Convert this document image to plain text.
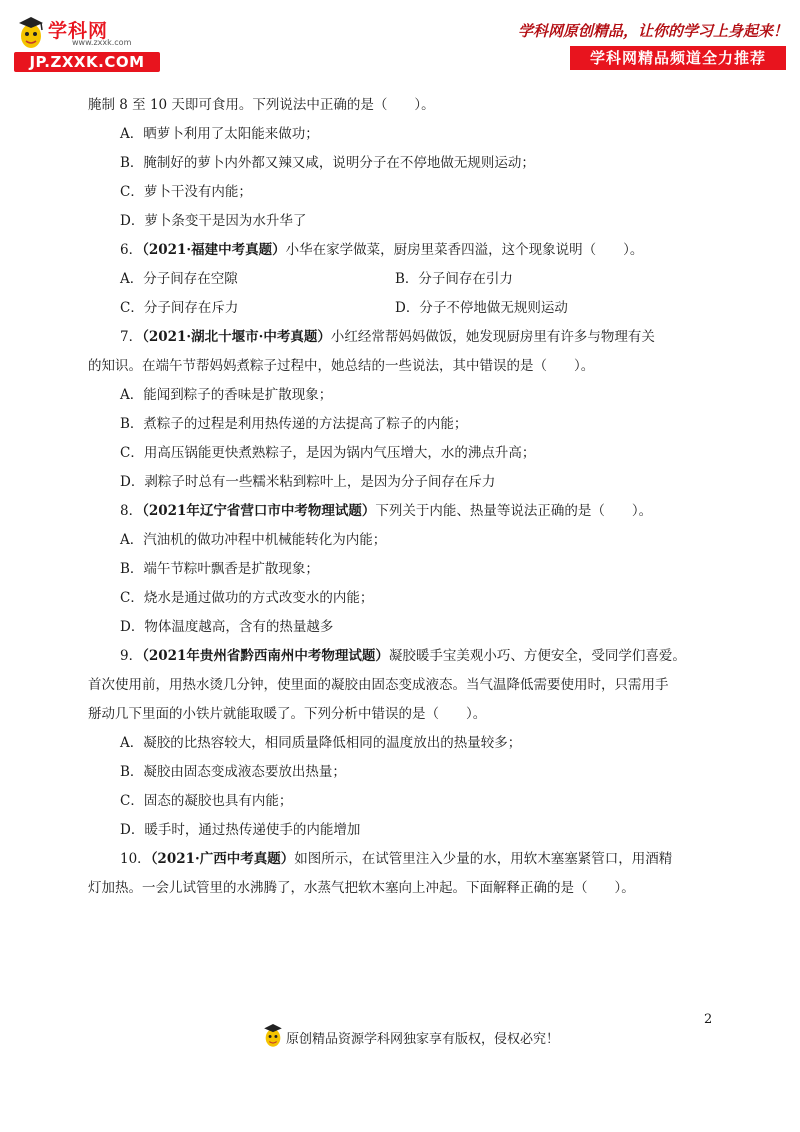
学科网
www.zxxk.com
JP.ZXXK.COM
学科网原创精品，让你的学习上身起来！
学科网精品频道全力推荐
腌制 8 至 10 天即可食用。下列说法中正确的是（　　）。
A．晒萝卜利用了太阳能来做功；
B．腌制好的萝卜内外都又辣又咸，说明分子在不停地做无规则运动；
C．萝卜干没有内能；
D．萝卜条变干是因为水升华了
6．（2021·福建中考真题）小华在家学做菜，厨房里菜香四溢，这个现象说明（　　）。
A．分子间存在空隙	B．分子间存在引力
C．分子间存在斥力	D．分子不停地做无规则运动
7．（2021·湖北十堰市·中考真题）小红经常帮妈妈做饭，她发现厨房里有许多与物理有关
的知识。在端午节帮妈妈煮粽子过程中，她总结的一些说法，其中错误的是（　　）。
A．能闻到粽子的香味是扩散现象；
B．煮粽子的过程是利用热传递的方法提高了粽子的内能；
C．用高压锅能更快煮熟粽子，是因为锅内气压增大，水的沸点升高；
D．剥粽子时总有一些糯米粘到粽叶上，是因为分子间存在斥力
8．（2021年辽宁省营口市中考物理试题）下列关于内能、热量等说法正确的是（　　）。
A．汽油机的做功冲程中机械能转化为内能；
B．端午节粽叶飘香是扩散现象；
C．烧水是通过做功的方式改变水的内能；
D．物体温度越高，含有的热量越多
9．（2021年贵州省黔西南州中考物理试题）凝胶暖手宝美观小巧、方便安全，受同学们喜爱。
首次使用前，用热水烫几分钟，使里面的凝胶由固态变成液态。当气温降低需要使用时，只需用手
掰动几下里面的小铁片就能取暖了。下列分析中错误的是（　　）。
A．凝胶的比热容较大，相同质量降低相同的温度放出的热量较多；
B．凝胶由固态变成液态要放出热量；
C．固态的凝胶也具有内能；
D．暖手时，通过热传递使手的内能增加
10．（2021·广西中考真题）如图所示，在试管里注入少量的水，用软木塞塞紧管口，用酒精
灯加热。一会儿试管里的水沸腾了，水蒸气把软木塞向上冲起。下面解释正确的是（　　）。
2
原创精品资源学科网独家享有版权，侵权必究！
